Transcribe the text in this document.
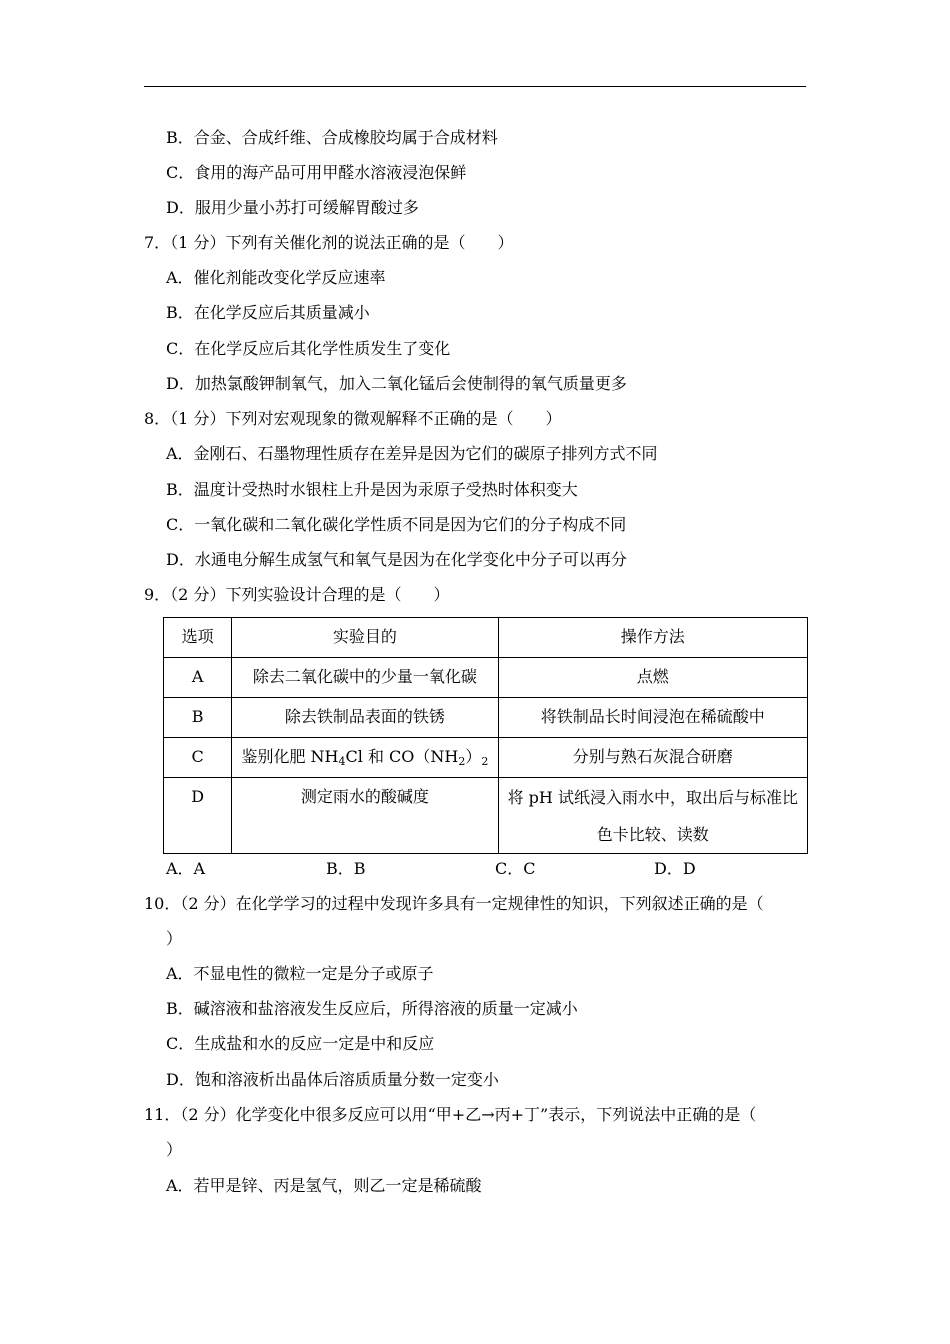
B．合金、合成纤维、合成橡胶均属于合成材料
C．食用的海产品可用甲醛水溶液浸泡保鲜
D．服用少量小苏打可缓解胃酸过多
7．（1 分）下列有关催化剂的说法正确的是（　　）
A．催化剂能改变化学反应速率
B．在化学反应后其质量减小
C．在化学反应后其化学性质发生了变化
D．加热氯酸钾制氧气，加入二氧化锰后会使制得的氧气质量更多
8．（1 分）下列对宏观现象的微观解释不正确的是（　　）
A．金刚石、石墨物理性质存在差异是因为它们的碳原子排列方式不同
B．温度计受热时水银柱上升是因为汞原子受热时体积变大
C．一氧化碳和二氧化碳化学性质不同是因为它们的分子构成不同
D．水通电分解生成氢气和氧气是因为在化学变化中分子可以再分
9．（2 分）下列实验设计合理的是（　　）
选项	实验目的	操作方法
A	除去二氧化碳中的少量一氧化碳	点燃
B	除去铁制品表面的铁锈	将铁制品长时间浸泡在稀硫酸中
C	鉴别化肥 $NH_4Cl$ 和 $CO(NH_2)_2$	分别与熟石灰混合研磨
D	测定雨水的酸碱度	将 pH 试纸浸入雨水中，取出后与标准比
色卡比较、读数
A．A	B．B	C．C	D．D
10．（2 分）在化学学习的过程中发现许多具有一定规律性的知识，下列叙述正确的是（
）
A．不显电性的微粒一定是分子或原子
B．碱溶液和盐溶液发生反应后，所得溶液的质量一定减小
C．生成盐和水的反应一定是中和反应
D．饱和溶液析出晶体后溶质质量分数一定变小
11．（2 分）化学变化中很多反应可以用“甲+乙→丙+丁”表示，下列说法中正确的是（
）
A．若甲是锌、丙是氢气，则乙一定是稀硫酸
